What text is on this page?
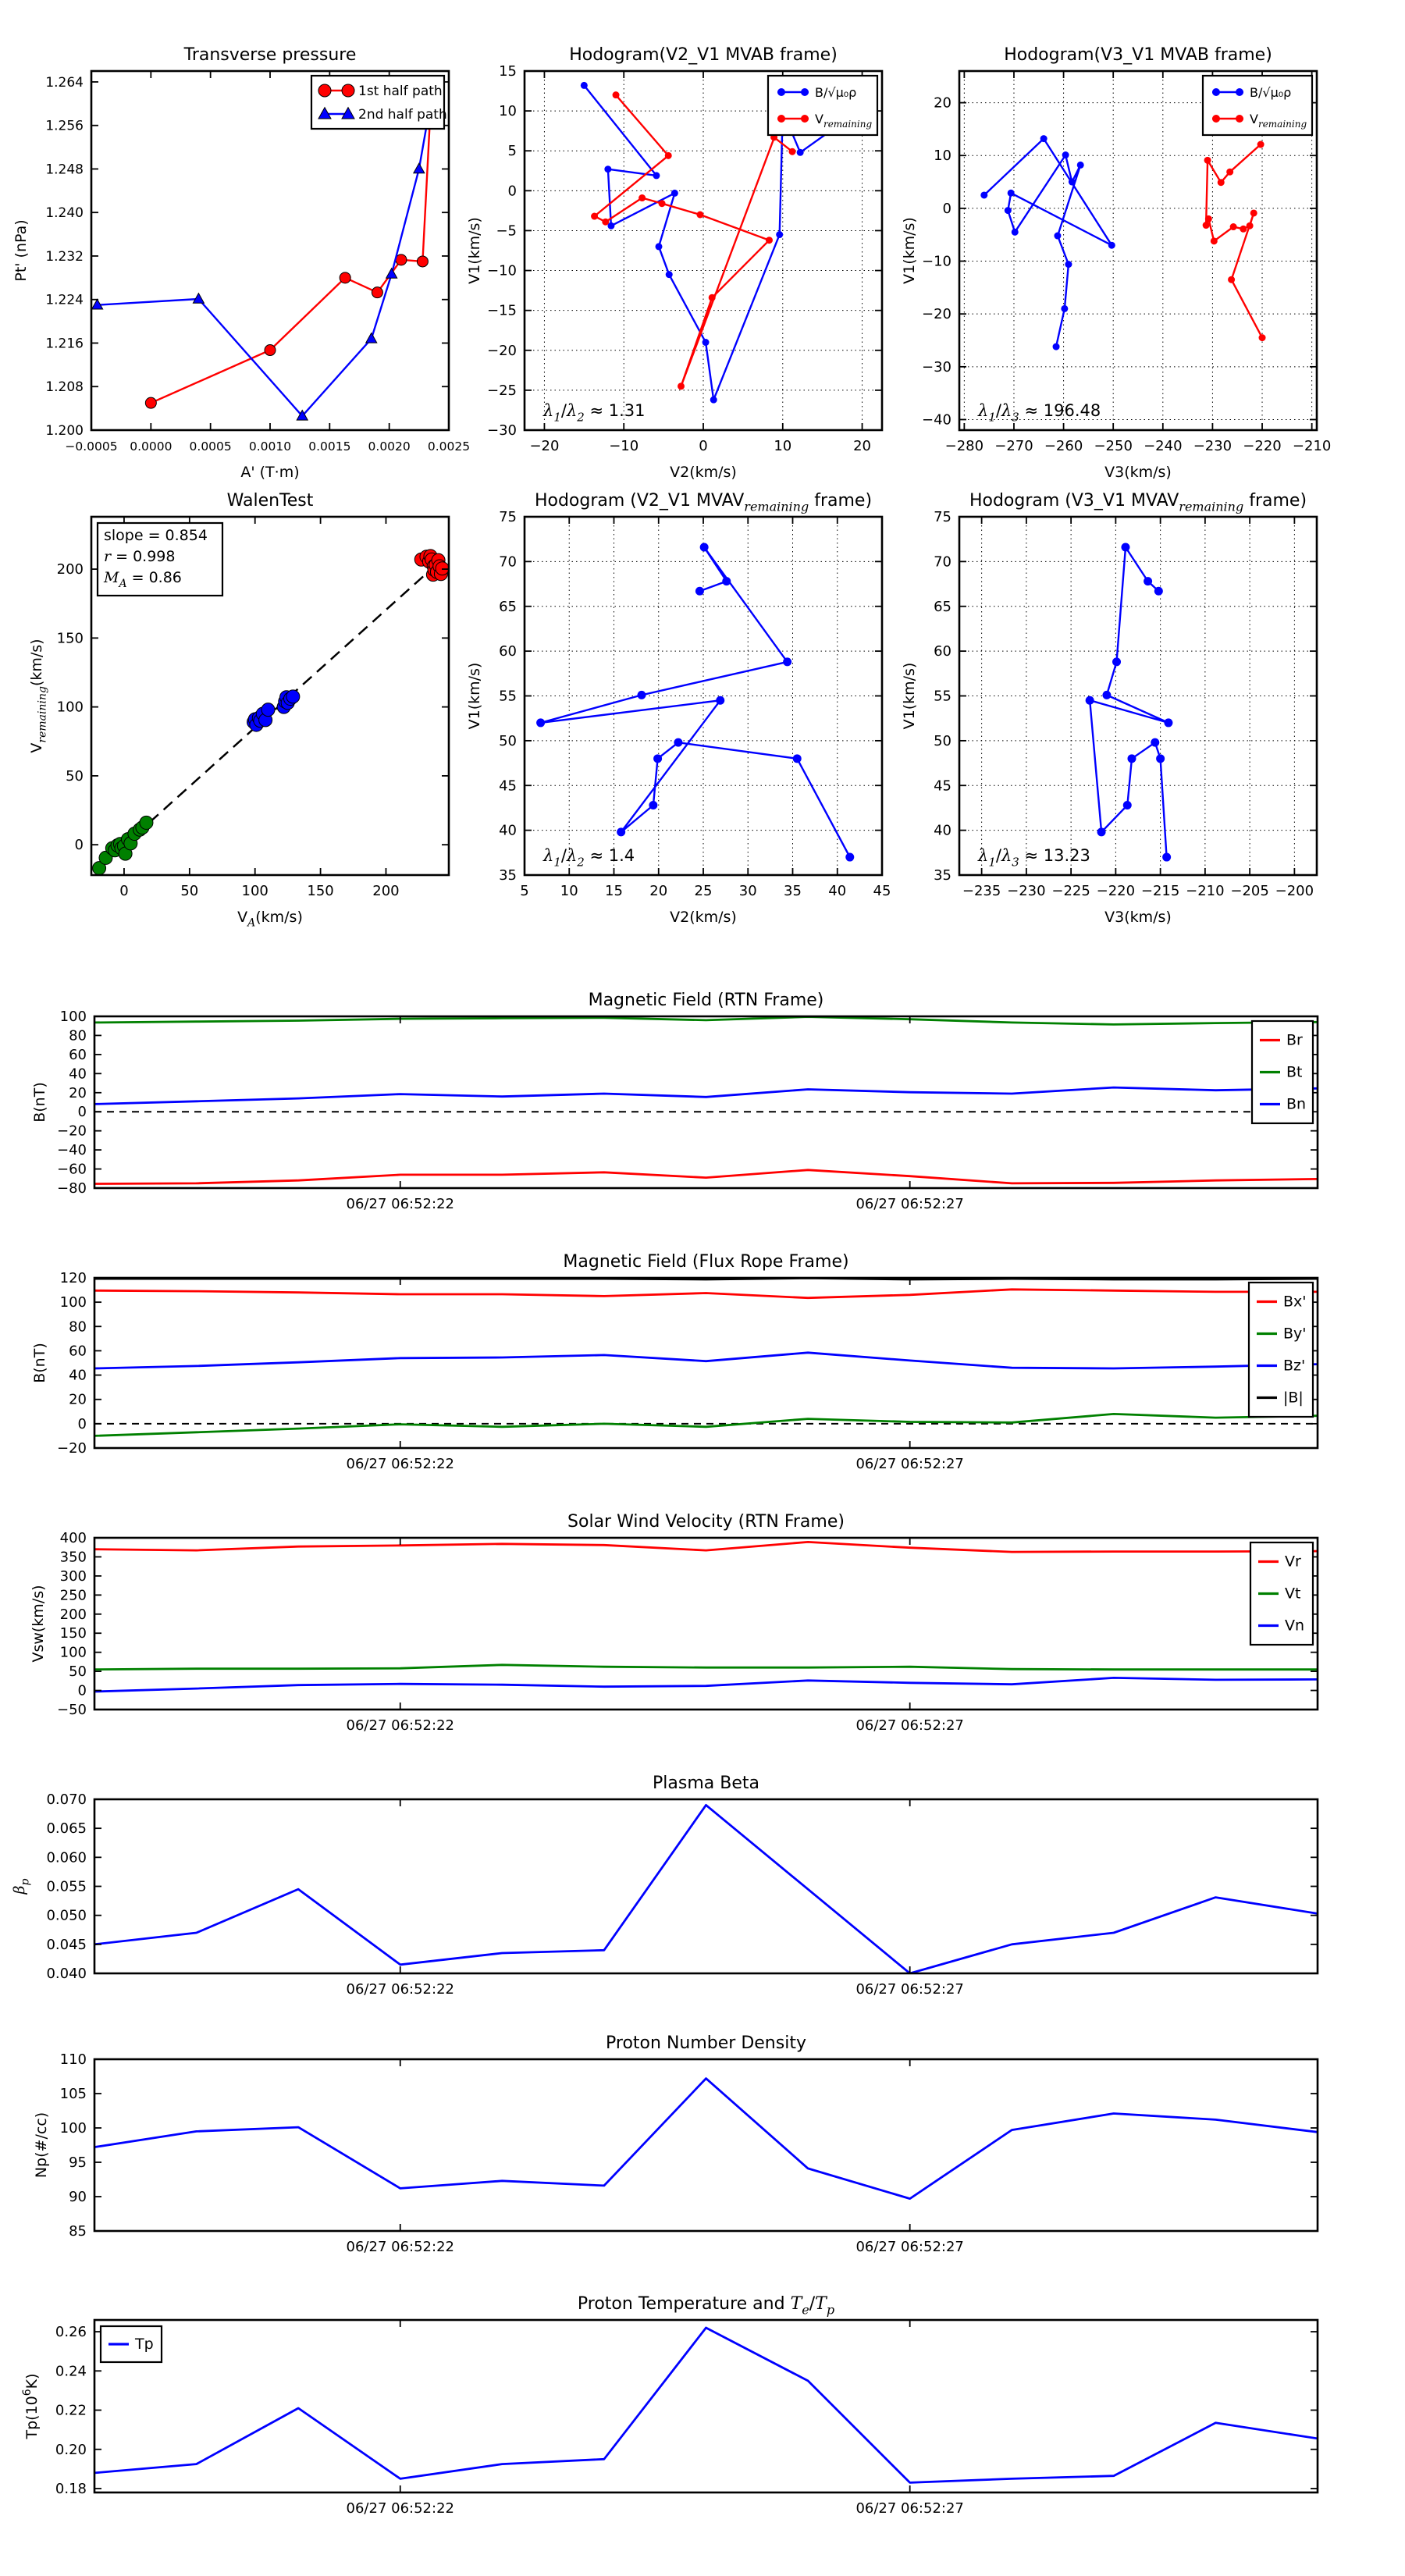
−0.0005 0.0000 0.0005 0.0010 0.0015 0.0020 0.0025
1.200
1.208
1.216
1.224
1.232
1.240
1.248
1.256
1.264
Transverse pressure
A' (T·m)
Pt' (nPa)
1st half path
2nd half path
−20	−10	0	10	20
15
10
5
0
−5
−10
−15
−20
−25
−30
Hodogram(V2_V1 MVAB frame)
V2(km/s)
V1(km/s)
$\lambda_1/\lambda_2 \approx 1.31$
B/√μ₀ρ
$V_{remaining}$
−280 −270 −260 −250 −240 −230 −220 −210
20
10
0
−10
−20
−30
−40
Hodogram(V3_V1 MVAB frame)
V3(km/s)
V1(km/s)
$\lambda_1/\lambda_3 \approx 196.48$
B/√μ₀ρ
$V_{remaining}$
0	50	100	150	200
0
50
100
150
200
WalenTest
$V_A(km/s)$
$V_{remaining}(km/s)$
slope = 0.854
r = 0.998
$M_A = 0.86$
5 10 15 20 25 30 35 40 45
35
40
45
50
55
60
65
70
75
Hodogram (V2_V1 $MVAV_{remaining}$ frame)
V2(km/s)
V1(km/s)
$\lambda_1/\lambda_2 \approx 1.4$
−235 −230 −225 −220 −215 −210 −205 −200
35
40
45
50
55
60
65
70
75
Hodogram (V3_V1 $MVAV_{remaining}$ frame)
V3(km/s)
V1(km/s)
$\lambda_1/\lambda_3 \approx 13.23$
06/27 06:52:22	06/27 06:52:27
−80
−60
−40
−20
0
20
40
60
80
100
Magnetic Field (RTN Frame)
B(nT)
Br
Bt
Bn
06/27 06:52:22	06/27 06:52:27
−20
0
20
40
60
80
100
120
Magnetic Field (Flux Rope Frame)
B(nT)
Bx'
By'
Bz'
|B|
06/27 06:52:22	06/27 06:52:27
−50
0
50
100
150
200
250
300
350
400
Solar Wind Velocity (RTN Frame)
Vsw(km/s)
Vr
Vt
Vn
06/27 06:52:22	06/27 06:52:27
0.040
0.045
0.050
0.055
0.060
0.065
0.070
Plasma Beta
$\beta_p$
06/27 06:52:22	06/27 06:52:27
85
90
95
100
105
110
Proton Number Density
Np(#/cc)
06/27 06:52:22	06/27 06:52:27
0.18
0.20
0.22
0.24
0.26
Proton Temperature and $T_e/T_p$
$Tp(10^6K)$
Tp
